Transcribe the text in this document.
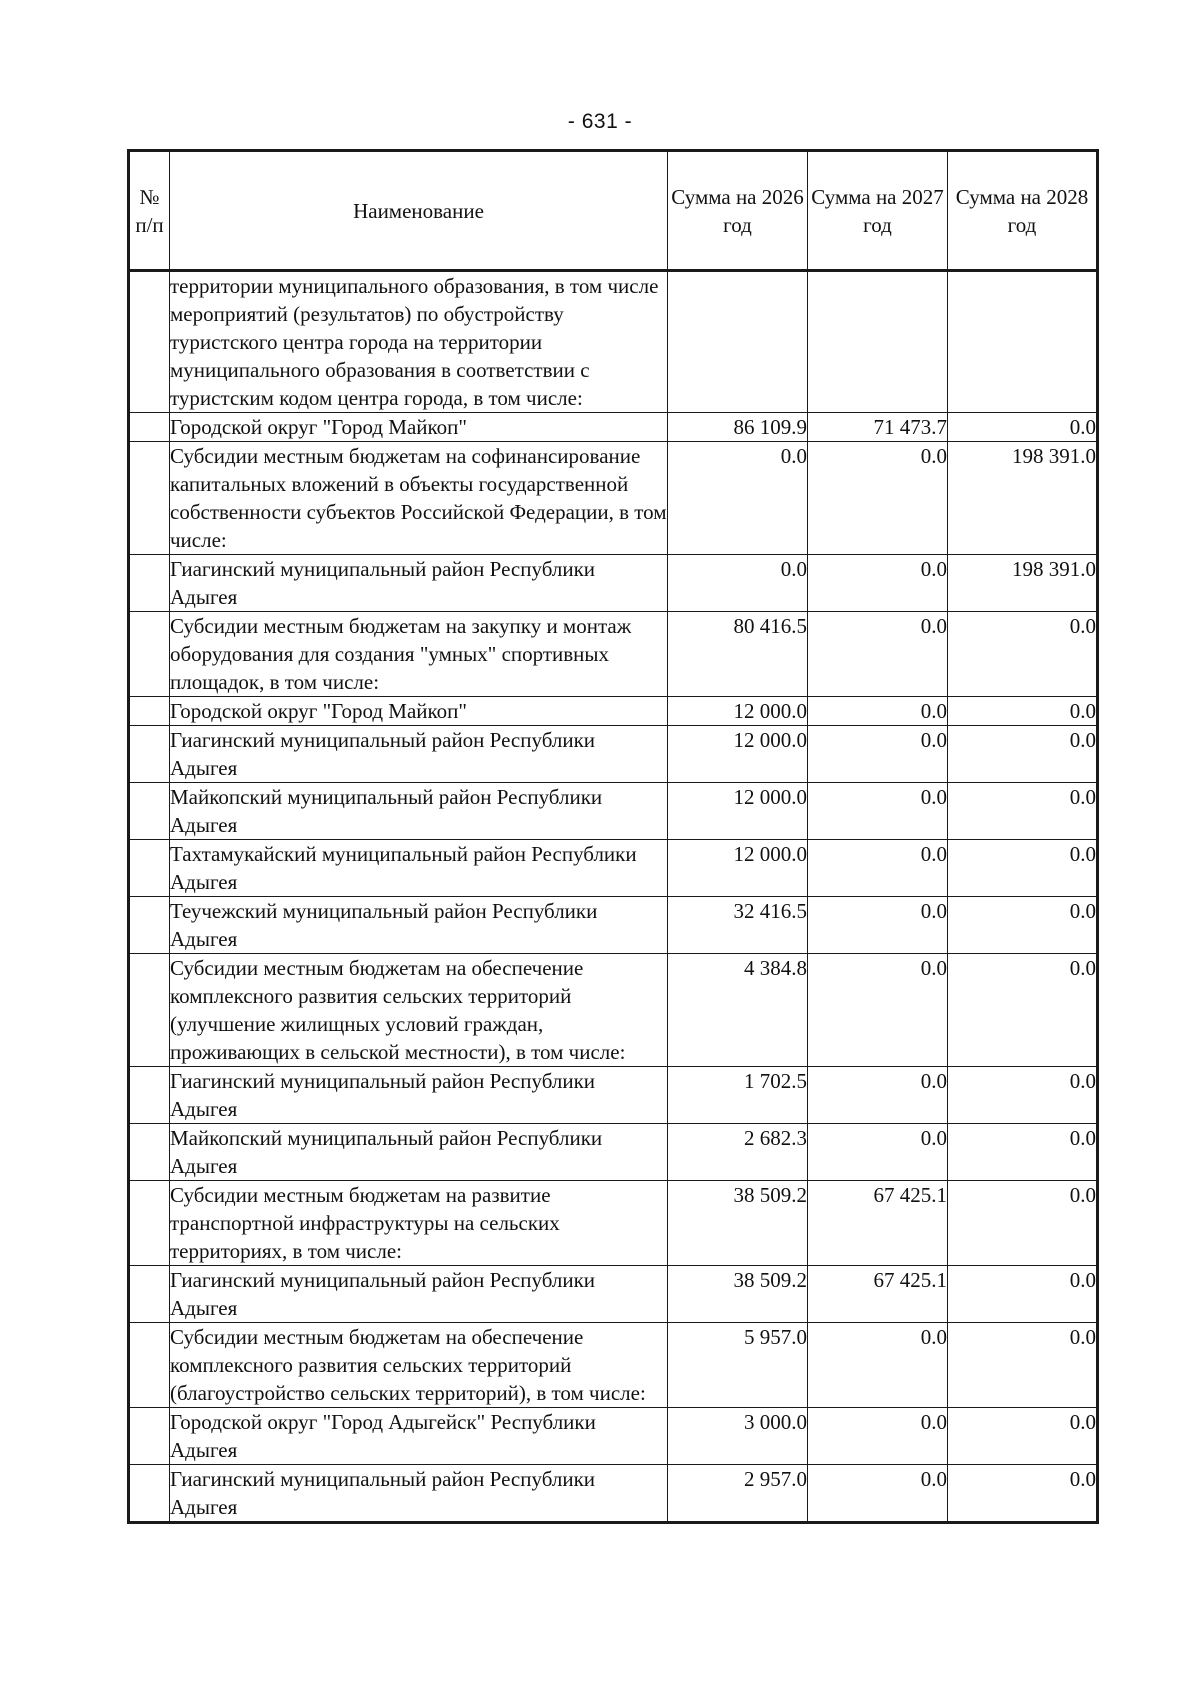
- 631 -
№ п/п	Наименование	Сумма на 2026 год	Сумма на 2027 год	Сумма на 2028 год
	территории муниципального образования, в том числе мероприятий (результатов) по обустройству туристского центра города на территории муниципального образования в соответствии с туристским кодом центра города, в том числе:			
	Городской округ "Город Майкоп"	86 109.9	71 473.7	0.0
	Субсидии местным бюджетам на софинансирование капитальных вложений в объекты государственной собственности субъектов Российской Федерации, в том числе:	0.0	0.0	198 391.0
	Гиагинский муниципальный район Республики Адыгея	0.0	0.0	198 391.0
	Субсидии местным бюджетам на закупку и монтаж оборудования для создания "умных" спортивных площадок, в том числе:	80 416.5	0.0	0.0
	Городской округ "Город Майкоп"	12 000.0	0.0	0.0
	Гиагинский муниципальный район Республики Адыгея	12 000.0	0.0	0.0
	Майкопский муниципальный район Республики Адыгея	12 000.0	0.0	0.0
	Тахтамукайский муниципальный район Республики Адыгея	12 000.0	0.0	0.0
	Теучежский муниципальный район Республики Адыгея	32 416.5	0.0	0.0
	Субсидии местным бюджетам на обеспечение комплексного развития сельских территорий (улучшение жилищных условий граждан, проживающих в сельской местности), в том числе:	4 384.8	0.0	0.0
	Гиагинский муниципальный район Республики Адыгея	1 702.5	0.0	0.0
	Майкопский муниципальный район Республики Адыгея	2 682.3	0.0	0.0
	Субсидии местным бюджетам на развитие транспортной инфраструктуры на сельских территориях, в том числе:	38 509.2	67 425.1	0.0
	Гиагинский муниципальный район Республики Адыгея	38 509.2	67 425.1	0.0
	Субсидии местным бюджетам на обеспечение комплексного развития сельских территорий (благоустройство сельских территорий), в том числе:	5 957.0	0.0	0.0
	Городской округ "Город Адыгейск" Республики Адыгея	3 000.0	0.0	0.0
	Гиагинский муниципальный район Республики Адыгея	2 957.0	0.0	0.0
